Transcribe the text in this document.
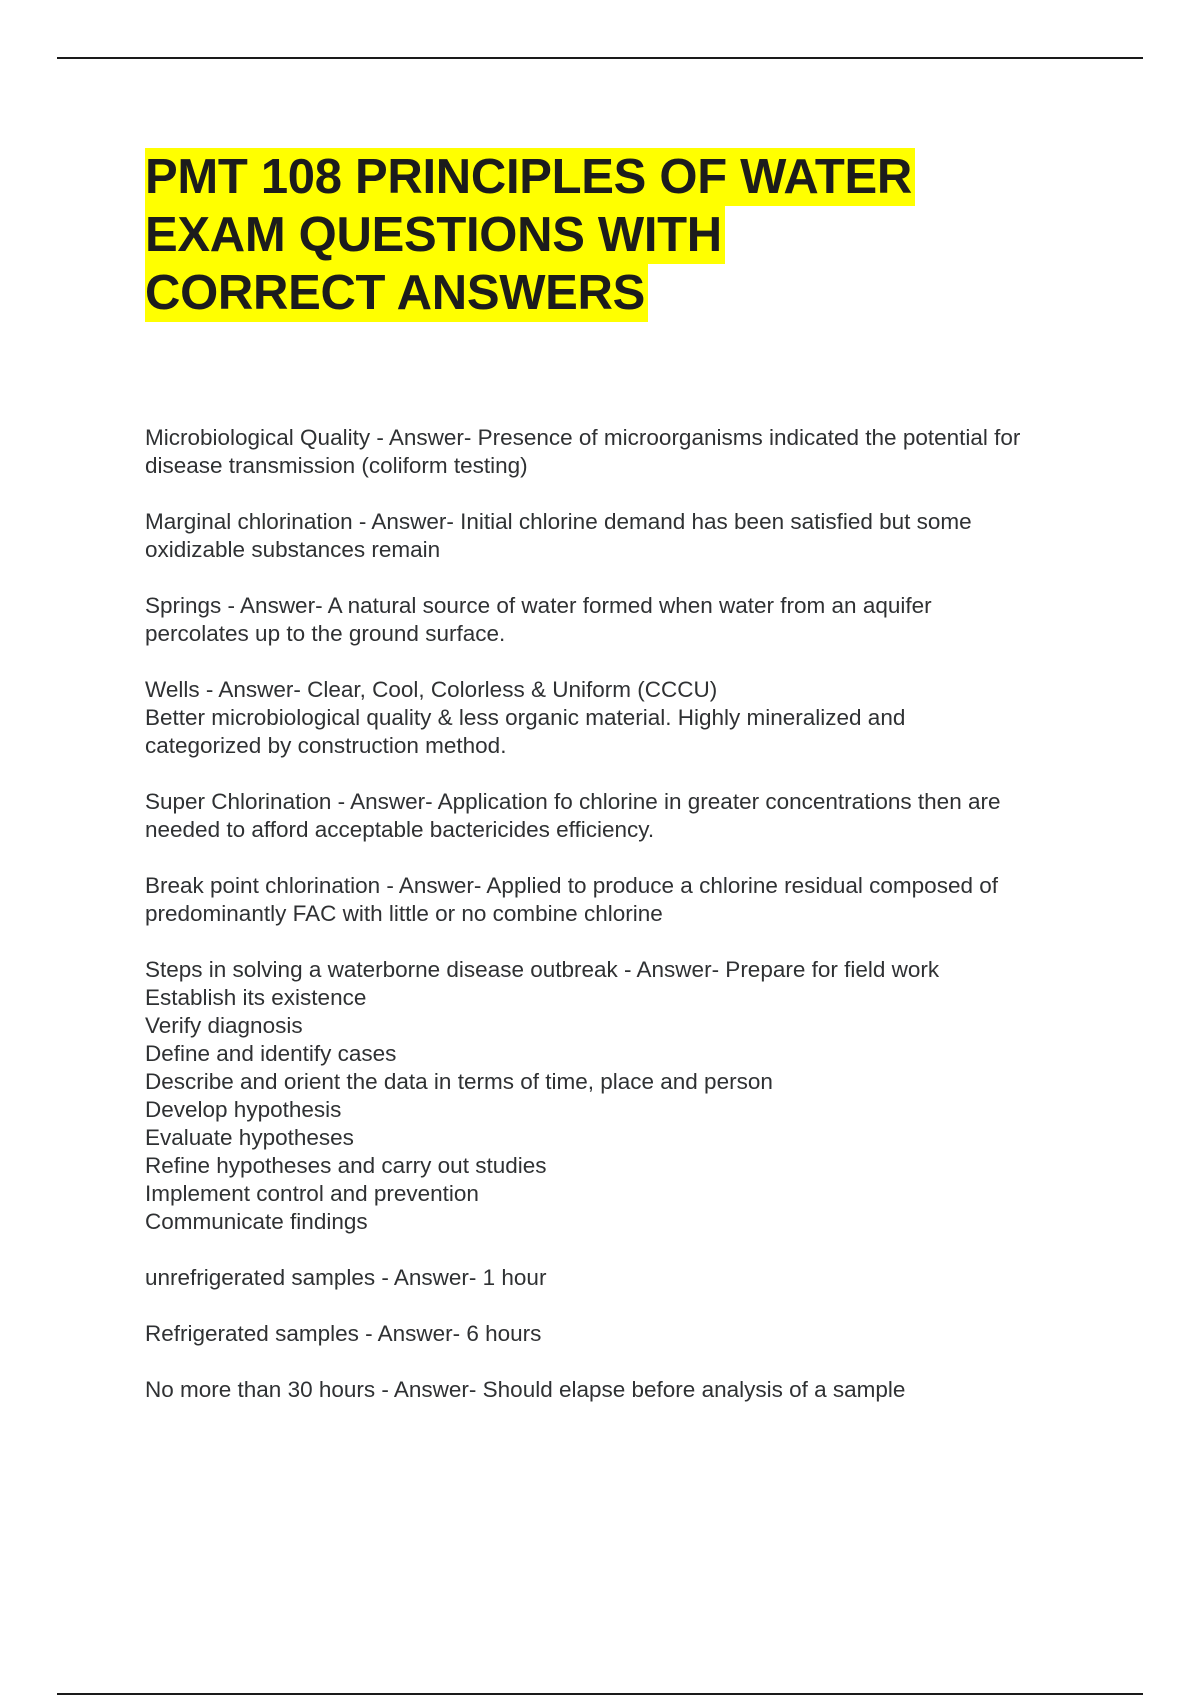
PMT 108 PRINCIPLES OF WATER
EXAM QUESTIONS WITH
CORRECT ANSWERS
Microbiological Quality - Answer- Presence of microorganisms indicated the potential for
disease transmission (coliform testing)
Marginal chlorination - Answer- Initial chlorine demand has been satisfied but some
oxidizable substances remain
Springs - Answer- A natural source of water formed when water from an aquifer
percolates up to the ground surface.
Wells - Answer- Clear, Cool, Colorless & Uniform (CCCU)
Better microbiological quality & less organic material. Highly mineralized and
categorized by construction method.
Super Chlorination - Answer- Application fo chlorine in greater concentrations then are
needed to afford acceptable bactericides efficiency.
Break point chlorination - Answer- Applied to produce a chlorine residual composed of
predominantly FAC with little or no combine chlorine
Steps in solving a waterborne disease outbreak - Answer- Prepare for field work
Establish its existence
Verify diagnosis
Define and identify cases
Describe and orient the data in terms of time, place and person
Develop hypothesis
Evaluate hypotheses
Refine hypotheses and carry out studies
Implement control and prevention
Communicate findings
unrefrigerated samples - Answer- 1 hour
Refrigerated samples - Answer- 6 hours
No more than 30 hours - Answer- Should elapse before analysis of a sample
